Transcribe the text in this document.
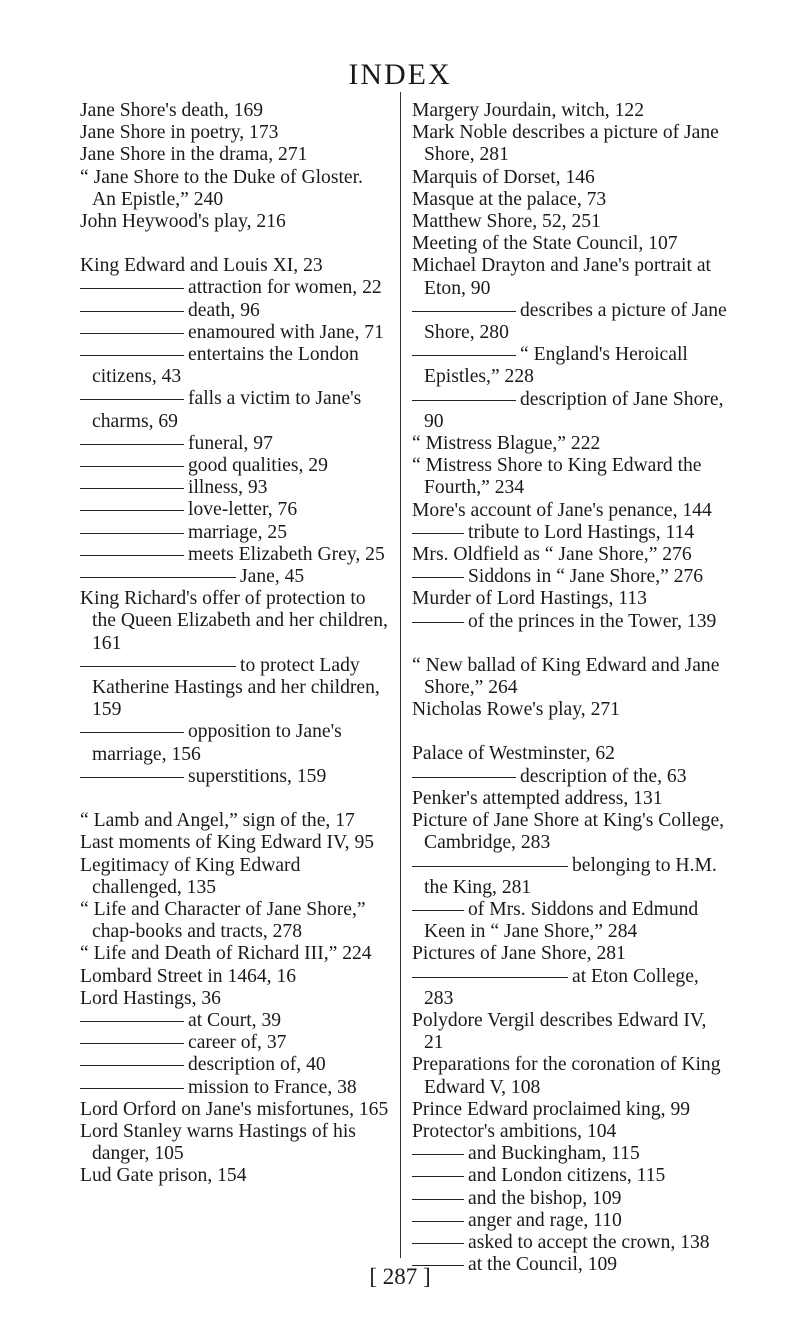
INDEX
Jane Shore's death, 169
Jane Shore in poetry, 173
Jane Shore in the drama, 271
“ Jane Shore to the Duke of Gloster. An Epistle,” 240
John Heywood's play, 216
King Edward and Louis XI, 23
attraction for women, 22
death, 96
enamoured with Jane, 71
entertains the London citizens, 43
falls a victim to Jane's charms, 69
funeral, 97
good qualities, 29
illness, 93
love-letter, 76
marriage, 25
meets Elizabeth Grey, 25
Jane, 45
King Richard's offer of protection to the Queen Elizabeth and her children, 161
to protect Lady Katherine Hastings and her children, 159
opposition to Jane's marriage, 156
superstitions, 159
“ Lamb and Angel,” sign of the, 17
Last moments of King Edward IV, 95
Legitimacy of King Edward challenged, 135
“ Life and Character of Jane Shore,” chap-books and tracts, 278
“ Life and Death of Richard III,” 224
Lombard Street in 1464, 16
Lord Hastings, 36
at Court, 39
career of, 37
description of, 40
mission to France, 38
Lord Orford on Jane's misfortunes, 165
Lord Stanley warns Hastings of his danger, 105
Lud Gate prison, 154
Margery Jourdain, witch, 122
Mark Noble describes a picture of Jane Shore, 281
Marquis of Dorset, 146
Masque at the palace, 73
Matthew Shore, 52, 251
Meeting of the State Council, 107
Michael Drayton and Jane's portrait at Eton, 90
describes a picture of Jane Shore, 280
“ England's Heroicall Epistles,” 228
description of Jane Shore, 90
“ Mistress Blague,” 222
“ Mistress Shore to King Edward the Fourth,” 234
More's account of Jane's penance, 144
tribute to Lord Hastings, 114
Mrs. Oldfield as “ Jane Shore,” 276
Siddons in “ Jane Shore,” 276
Murder of Lord Hastings, 113
of the princes in the Tower, 139
“ New ballad of King Edward and Jane Shore,” 264
Nicholas Rowe's play, 271
Palace of Westminster, 62
description of the, 63
Penker's attempted address, 131
Picture of Jane Shore at King's College, Cambridge, 283
belonging to H.M. the King, 281
of Mrs. Siddons and Edmund Keen in “ Jane Shore,” 284
Pictures of Jane Shore, 281
at Eton College, 283
Polydore Vergil describes Edward IV, 21
Preparations for the coronation of King Edward V, 108
Prince Edward proclaimed king, 99
Protector's ambitions, 104
and Buckingham, 115
and London citizens, 115
and the bishop, 109
anger and rage, 110
asked to accept the crown, 138
at the Council, 109
[ 287 ]
